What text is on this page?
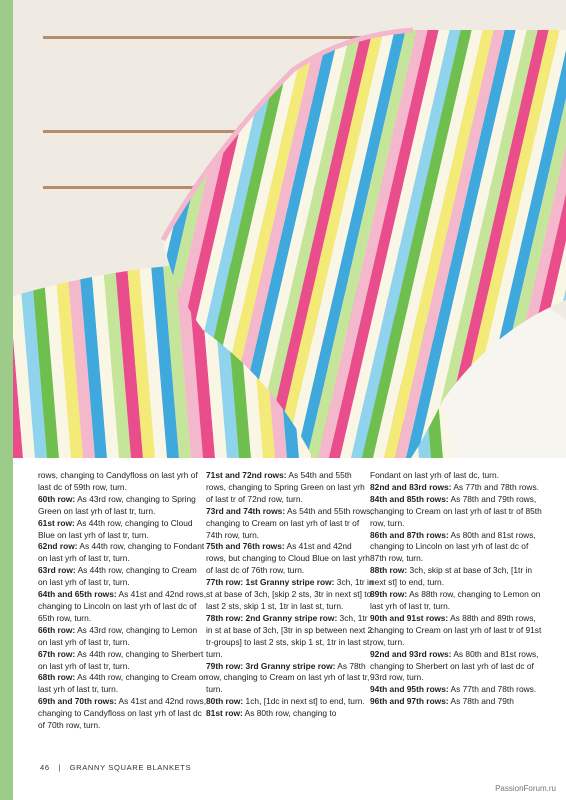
rows, changing to Candyfloss on last yrh of last dc of 59th row, turn.

60th row: As 43rd row, changing to Spring Green on last yrh of last tr, turn.

61st row: As 44th row, changing to Cloud Blue on last yrh of last tr, turn.

62nd row: As 44th row, changing to Fondant on last yrh of last tr, turn.

63rd row: As 44th row, changing to Cream on last yrh of last tr, turn.

64th and 65th rows: As 41st and 42nd rows, changing to Lincoln on last yrh of last dc of 65th row, turn.

66th row: As 43rd row, changing to Lemon on last yrh of last tr, turn.

67th row: As 44th row, changing to Sherbert on last yrh of last tr, turn.

68th row: As 44th row, changing to Cream on last yrh of last tr, turn.

69th and 70th rows: As 41st and 42nd rows, changing to Candyfloss on last yrh of last dc of 70th row, turn.

71st and 72nd rows: As 54th and 55th rows, changing to Spring Green on last yrh of last tr of 72nd row, turn.

73rd and 74th rows: As 54th and 55th rows, changing to Cream on last yrh of last tr of 74th row, turn.

75th and 76th rows: As 41st and 42nd rows, but changing to Cloud Blue on last yrh of last dc of 76th row, turn.

77th row: 1st Granny stripe row: 3ch, 1tr in st at base of 3ch, [skip 2 sts, 3tr in next st] to last 2 sts, skip 1 st, 1tr in last st, turn.

78th row: 2nd Granny stripe row: 3ch, 1tr in st at base of 3ch, [3tr in sp between next 2 tr-groups] to last 2 sts, skip 1 st, 1tr in last st, turn.

79th row: 3rd Granny stripe row: As 78th row, changing to Cream on last yrh of last tr, turn.

80th row: 1ch, [1dc in next st] to end, turn.

81st row: As 80th row, changing to

Fondant on last yrh of last dc, turn.

82nd and 83rd rows: As 77th and 78th rows.

84th and 85th rows: As 78th and 79th rows, changing to Cream on last yrh of last tr of 85th row, turn.

86th and 87th rows: As 80th and 81st rows, changing to Lincoln on last yrh of last dc of 87th row, turn.

88th row: 3ch, skip st at base of 3ch, [1tr in next st] to end, turn.

89th row: As 88th row, changing to Lemon on last yrh of last tr, turn.

90th and 91st rows: As 88th and 89th rows, changing to Cream on last yrh of last tr of 91st row, turn.

92nd and 93rd rows: As 80th and 81st rows, changing to Sherbert on last yrh of last dc of 93rd row, turn.

94th and 95th rows: As 77th and 78th rows.

96th and 97th rows: As 78th and 79th

46 | GRANNY SQUARE BLANKETS
PassionForum.ru
